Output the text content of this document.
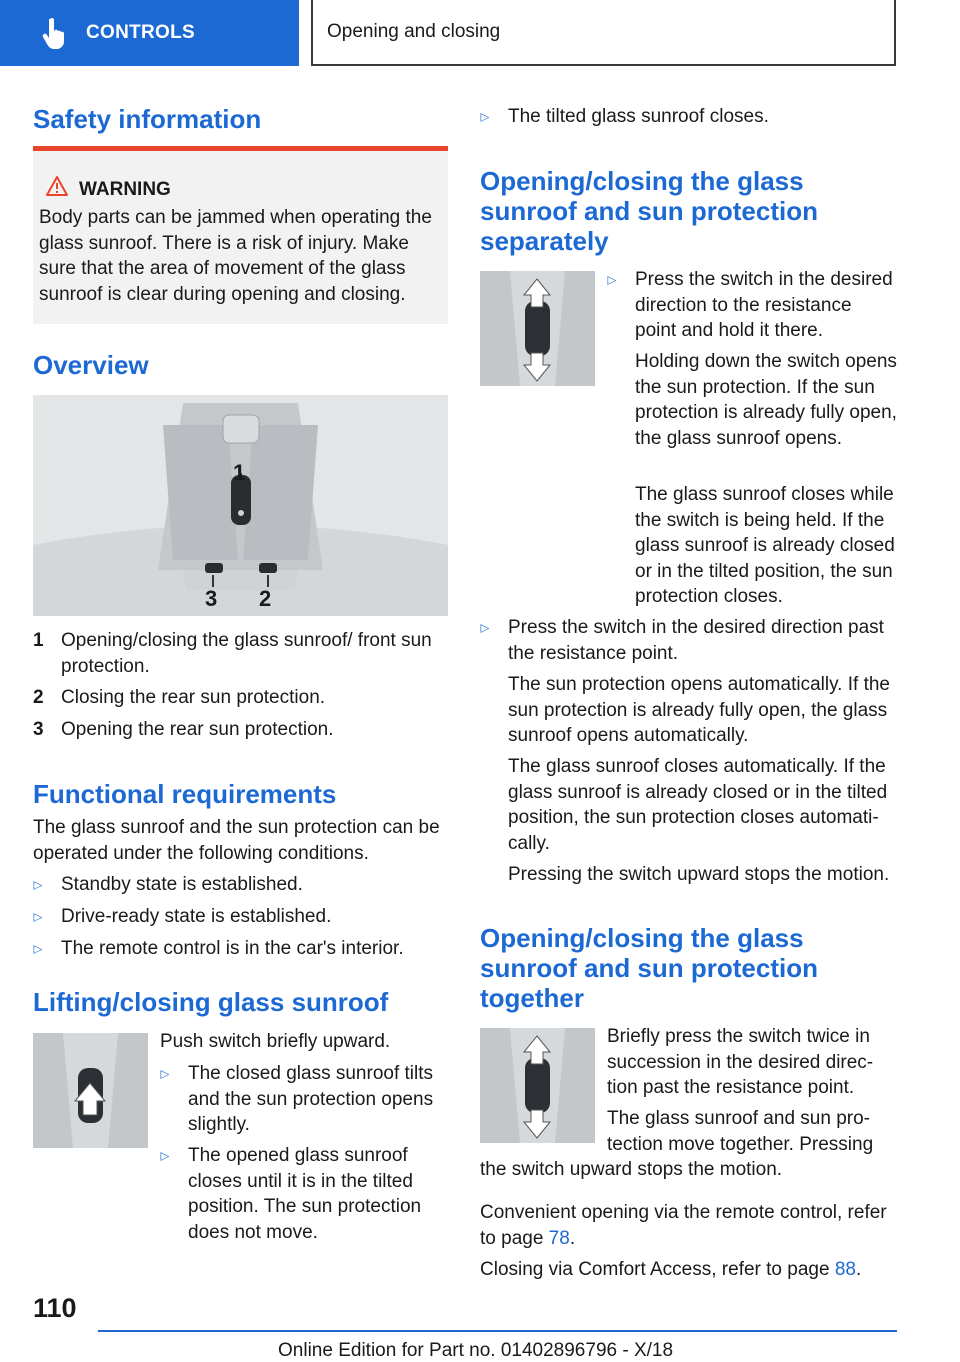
CONTROLS	Opening and closing
Safety information
WARNING
Body parts can be jammed when operating the glass sunroof. There is a risk of injury. Make sure that the area of movement of the glass sunroof is clear during opening and closing.
Overview
1
2
3
1 Opening/closing the glass sunroof/ front sun protection.
2 Closing the rear sun protection.
3 Opening the rear sun protection.
Functional requirements
The glass sunroof and the sun protection can be operated under the following conditions.
▷
Standby state is established.
▷
Drive-ready state is established.
▷
The remote control is in the car's interior.
Lifting/closing glass sunroof
Push switch briefly upward.
▷
The closed glass sunroof tilts and the sun protection opens slightly.
▷
The opened glass sunroof closes until it is in the tilted position. The sun protection does not move.
▷
The tilted glass sunroof closes.
Opening/closing the glass sunroof and sun protection separately
▷
Press the switch in the desired direction to the resistance point and hold it there.
Holding down the switch opens the sun protection. If the sun protection is already fully open, the glass sunroof opens.
The glass sunroof closes while the switch is being held. If the glass sunroof is already closed or in the tilted position, the sun protection closes.
▷
Press the switch in the desired direction past the resistance point.
The sun protection opens automatically. If the sun protection is already fully open, the glass sunroof opens automatically.
The glass sunroof closes automatically. If the glass sunroof is already closed or in the tilted position, the sun protection closes automati-cally.
Pressing the switch upward stops the motion.
Opening/closing the glass sunroof and sun protection together
Briefly press the switch twice in succession in the desired direc-tion past the resistance point.
The glass sunroof and sun pro-tection move together. Pressing
the switch upward stops the motion.
Convenient opening via the remote control, refer to page 78.
Closing via Comfort Access, refer to page 88.
110
Online Edition for Part no. 01402896796 - X/18
